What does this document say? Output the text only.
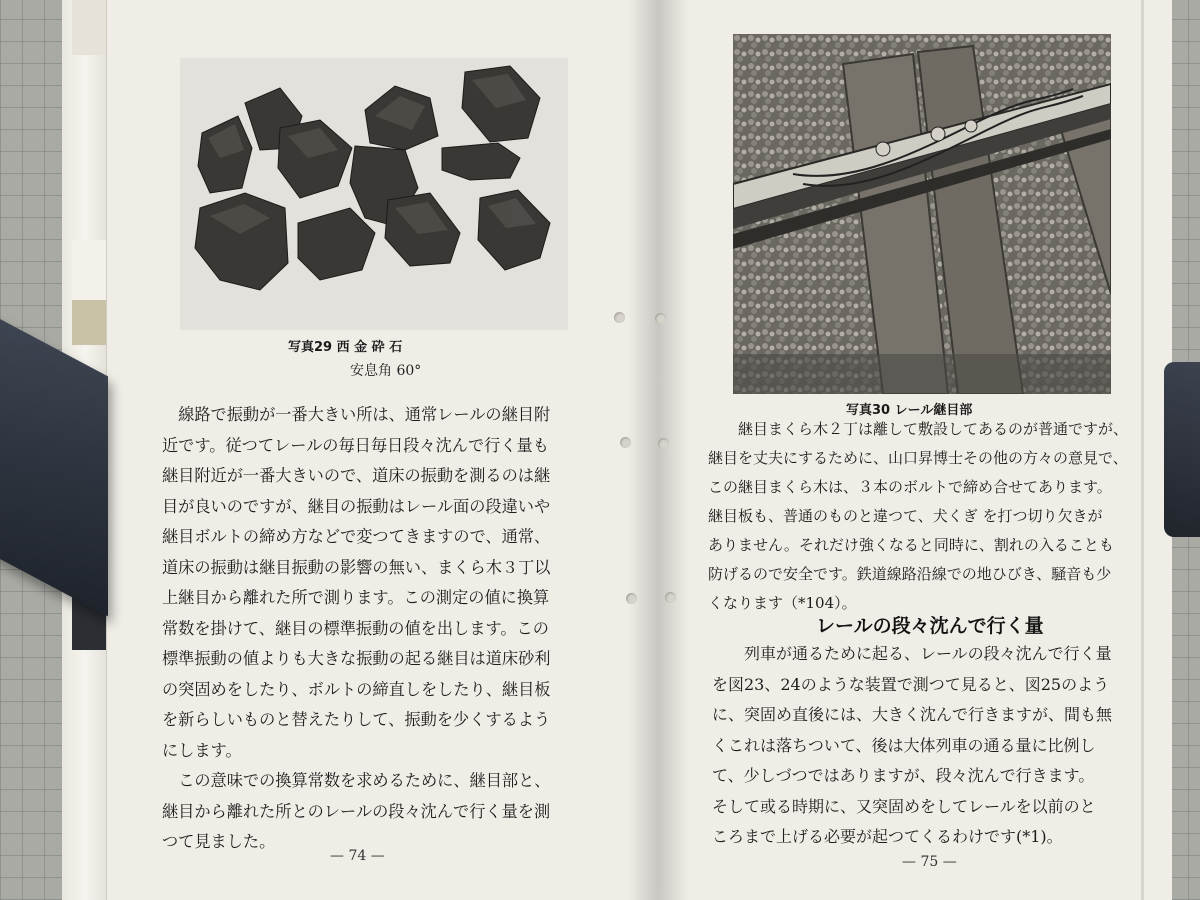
写真29 西 金 砕 石
安息角 60°

線路で振動が一番大きい所は、通常レールの継目附
近です。従つてレールの毎日毎日段々沈んで行く量も
継目附近が一番大きいので、道床の振動を測るのは継
目が良いのですが、継目の振動はレール面の段違いや
継目ボルトの締め方などで変つてきますので、通常、
道床の振動は継目振動の影響の無い、まくら木３丁以
上継目から離れた所で測ります。この測定の値に換算
常数を掛けて、継目の標準振動の値を出します。この
標準振動の値よりも大きな振動の起る継目は道床砂利
の突固めをしたり、ボルトの締直しをしたり、継目板
を新らしいものと替えたりして、振動を少くするよう
にします。

この意味での換算常数を求めるために、継目部と、
継目から離れた所とのレールの段々沈んで行く量を測
つて見ました。

— 74 —
写真30 レール継目部

継目まくら木２丁は離して敷設してあるのが普通ですが、
継目を丈夫にするために、山口昇博士その他の方々の意見で、
この継目まくら木は、３本のボルトで締め合せてあります。
継目板も、普通のものと違つて、犬くぎ を打つ切り欠きが
ありません。それだけ強くなると同時に、割れの入ることも
防げるので安全です。鉄道線路沿線での地ひびき、騒音も少
くなります（*104）。

レールの段々沈んで行く量

列車が通るために起る、レールの段々沈んで行く量
を図23、24のような装置で測つて見ると、図25のよう
に、突固め直後には、大きく沈んで行きますが、間も無
くこれは落ちついて、後は大体列車の通る量に比例し
て、少しづつではありますが、段々沈んで行きます。
そして或る時期に、又突固めをしてレールを以前のと
ころまで上げる必要が起つてくるわけです(*1)。

— 75 —
